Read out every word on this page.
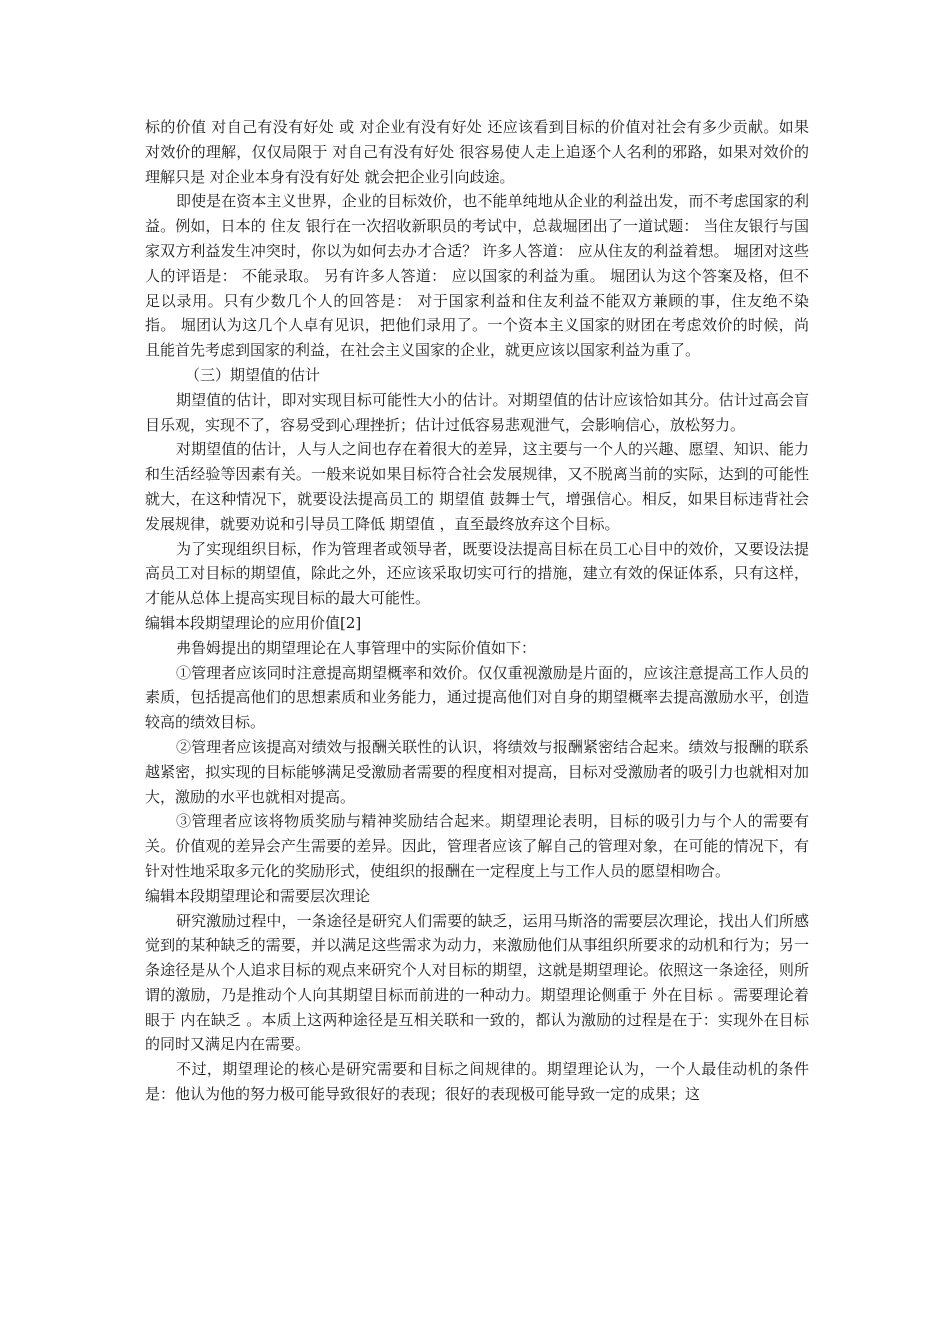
标的价值 对自己有没有好处 或 对企业有没有好处 还应该看到目标的价值对社会有多少贡献。如果对效价的理解，仅仅局限于 对自己有没有好处 很容易使人走上追逐个人名利的邪路，如果对效价的理解只是 对企业本身有没有好处 就会把企业引向歧途。

即使是在资本主义世界，企业的目标效价，也不能单纯地从企业的利益出发，而不考虑国家的利益。例如，日本的 住友 银行在一次招收新职员的考试中，总裁堀团出了一道试题： 当住友银行与国家双方利益发生冲突时，你以为如何去办才合适？ 许多人答道： 应从住友的利益着想。 堀团对这些人的评语是： 不能录取。 另有许多人答道： 应以国家的利益为重。 堀团认为这个答案及格，但不足以录用。只有少数几个人的回答是： 对于国家利益和住友利益不能双方兼顾的事，住友绝不染指。 堀团认为这几个人卓有见识，把他们录用了。一个资本主义国家的财团在考虑效价的时候，尚且能首先考虑到国家的利益，在社会主义国家的企业，就更应该以国家利益为重了。

（三）期望值的估计

期望值的估计，即对实现目标可能性大小的估计。对期望值的估计应该恰如其分。估计过高会盲目乐观，实现不了，容易受到心理挫折；估计过低容易悲观泄气，会影响信心，放松努力。

对期望值的估计，人与人之间也存在着很大的差异，这主要与一个人的兴趣、愿望、知识、能力和生活经验等因素有关。一般来说如果目标符合社会发展规律，又不脱离当前的实际，达到的可能性就大，在这种情况下，就要设法提高员工的 期望值 鼓舞士气，增强信心。相反，如果目标违背社会发展规律，就要劝说和引导员工降低 期望值 ，直至最终放弃这个目标。

为了实现组织目标，作为管理者或领导者，既要设法提高目标在员工心目中的效价，又要设法提高员工对目标的期望值，除此之外，还应该采取切实可行的措施，建立有效的保证体系，只有这样，才能从总体上提高实现目标的最大可能性。

编辑本段期望理论的应用价值[2]

弗鲁姆提出的期望理论在人事管理中的实际价值如下：

①管理者应该同时注意提高期望概率和效价。仅仅重视激励是片面的，应该注意提高工作人员的素质，包括提高他们的思想素质和业务能力，通过提高他们对自身的期望概率去提高激励水平，创造较高的绩效目标。

②管理者应该提高对绩效与报酬关联性的认识，将绩效与报酬紧密结合起来。绩效与报酬的联系越紧密，拟实现的目标能够满足受激励者需要的程度相对提高，目标对受激励者的吸引力也就相对加大，激励的水平也就相对提高。

③管理者应该将物质奖励与精神奖励结合起来。期望理论表明，目标的吸引力与个人的需要有关。价值观的差异会产生需要的差异。因此，管理者应该了解自己的管理对象，在可能的情况下，有针对性地采取多元化的奖励形式，使组织的报酬在一定程度上与工作人员的愿望相吻合。

编辑本段期望理论和需要层次理论

研究激励过程中，一条途径是研究人们需要的缺乏，运用马斯洛的需要层次理论，找出人们所感觉到的某种缺乏的需要，并以满足这些需求为动力，来激励他们从事组织所要求的动机和行为；另一条途径是从个人追求目标的观点来研究个人对目标的期望，这就是期望理论。依照这一条途径，则所谓的激励，乃是推动个人向其期望目标而前进的一种动力。期望理论侧重于 外在目标 。需要理论着眼于 内在缺乏 。本质上这两种途径是互相关联和一致的，都认为激励的过程是在于：实现外在目标的同时又满足内在需要。

不过，期望理论的核心是研究需要和目标之间规律的。期望理论认为，一个人最佳动机的条件是：他认为他的努力极可能导致很好的表现；很好的表现极可能导致一定的成果；这
